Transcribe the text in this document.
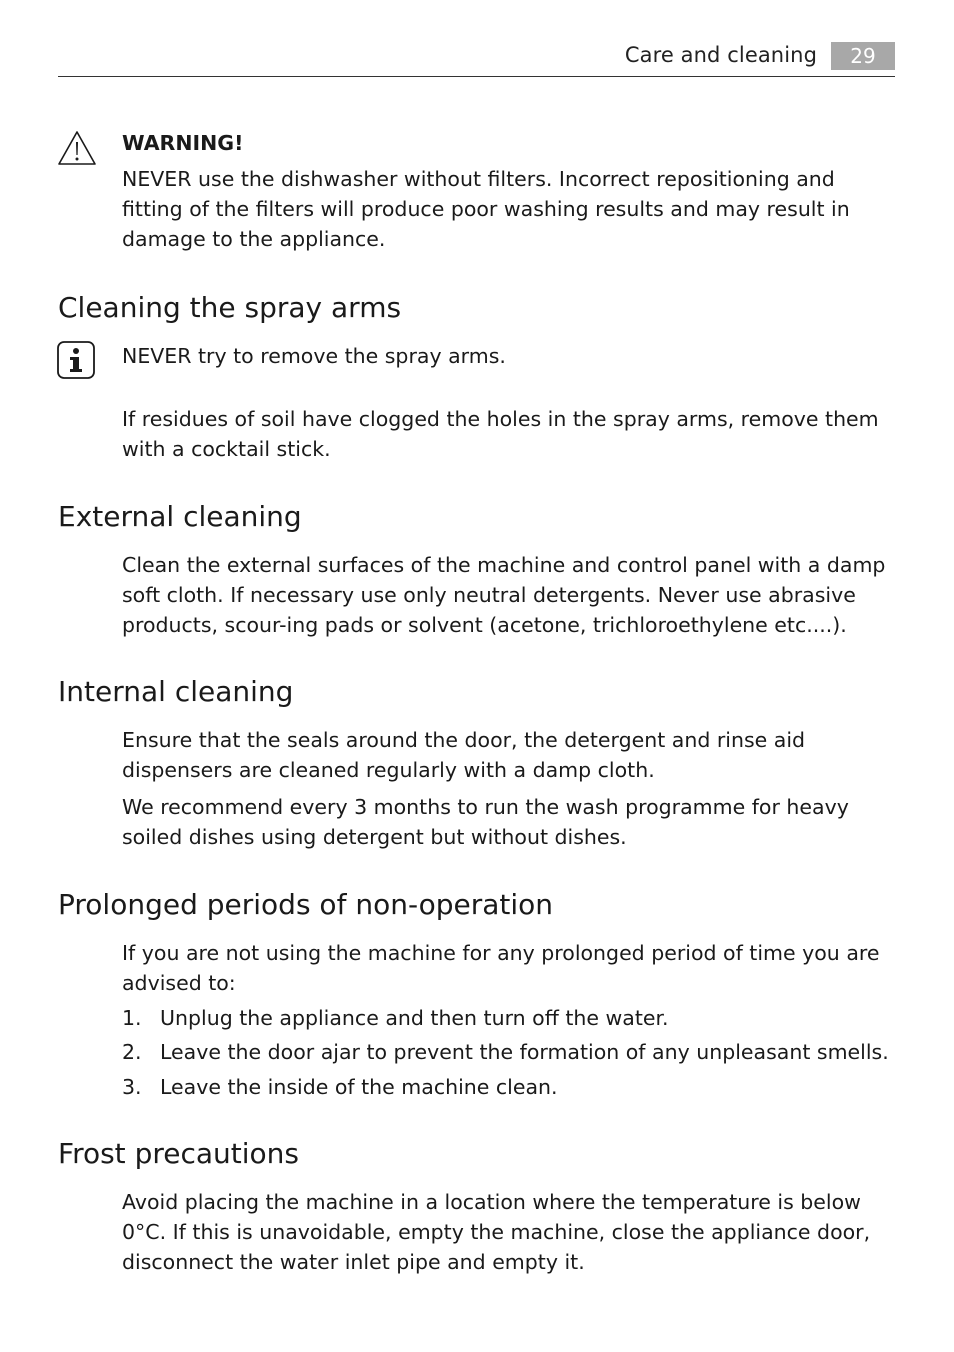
Care and cleaning	29

WARNING!

NEVER use the dishwasher without filters. Incorrect repositioning and fitting of the filters will produce poor washing results and may result in damage to the appliance.

Cleaning the spray arms

NEVER try to remove the spray arms.

If residues of soil have clogged the holes in the spray arms, remove them with a cocktail stick.

External cleaning

Clean the external surfaces of the machine and control panel with a damp soft cloth. If necessary use only neutral detergents. Never use abrasive products, scour-ing pads or solvent (acetone, trichloroethylene etc....).

Internal cleaning

Ensure that the seals around the door, the detergent and rinse aid dispensers are cleaned regularly with a damp cloth.

We recommend every 3 months to run the wash programme for heavy soiled dishes using detergent but without dishes.

Prolonged periods of non-operation

If you are not using the machine for any prolonged period of time you are advised to:

1. Unplug the appliance and then turn off the water.
2. Leave the door ajar to prevent the formation of any unpleasant smells.
3. Leave the inside of the machine clean.
Frost precautions

Avoid placing the machine in a location where the temperature is below 0°C. If this is unavoidable, empty the machine, close the appliance door, disconnect the water inlet pipe and empty it.
